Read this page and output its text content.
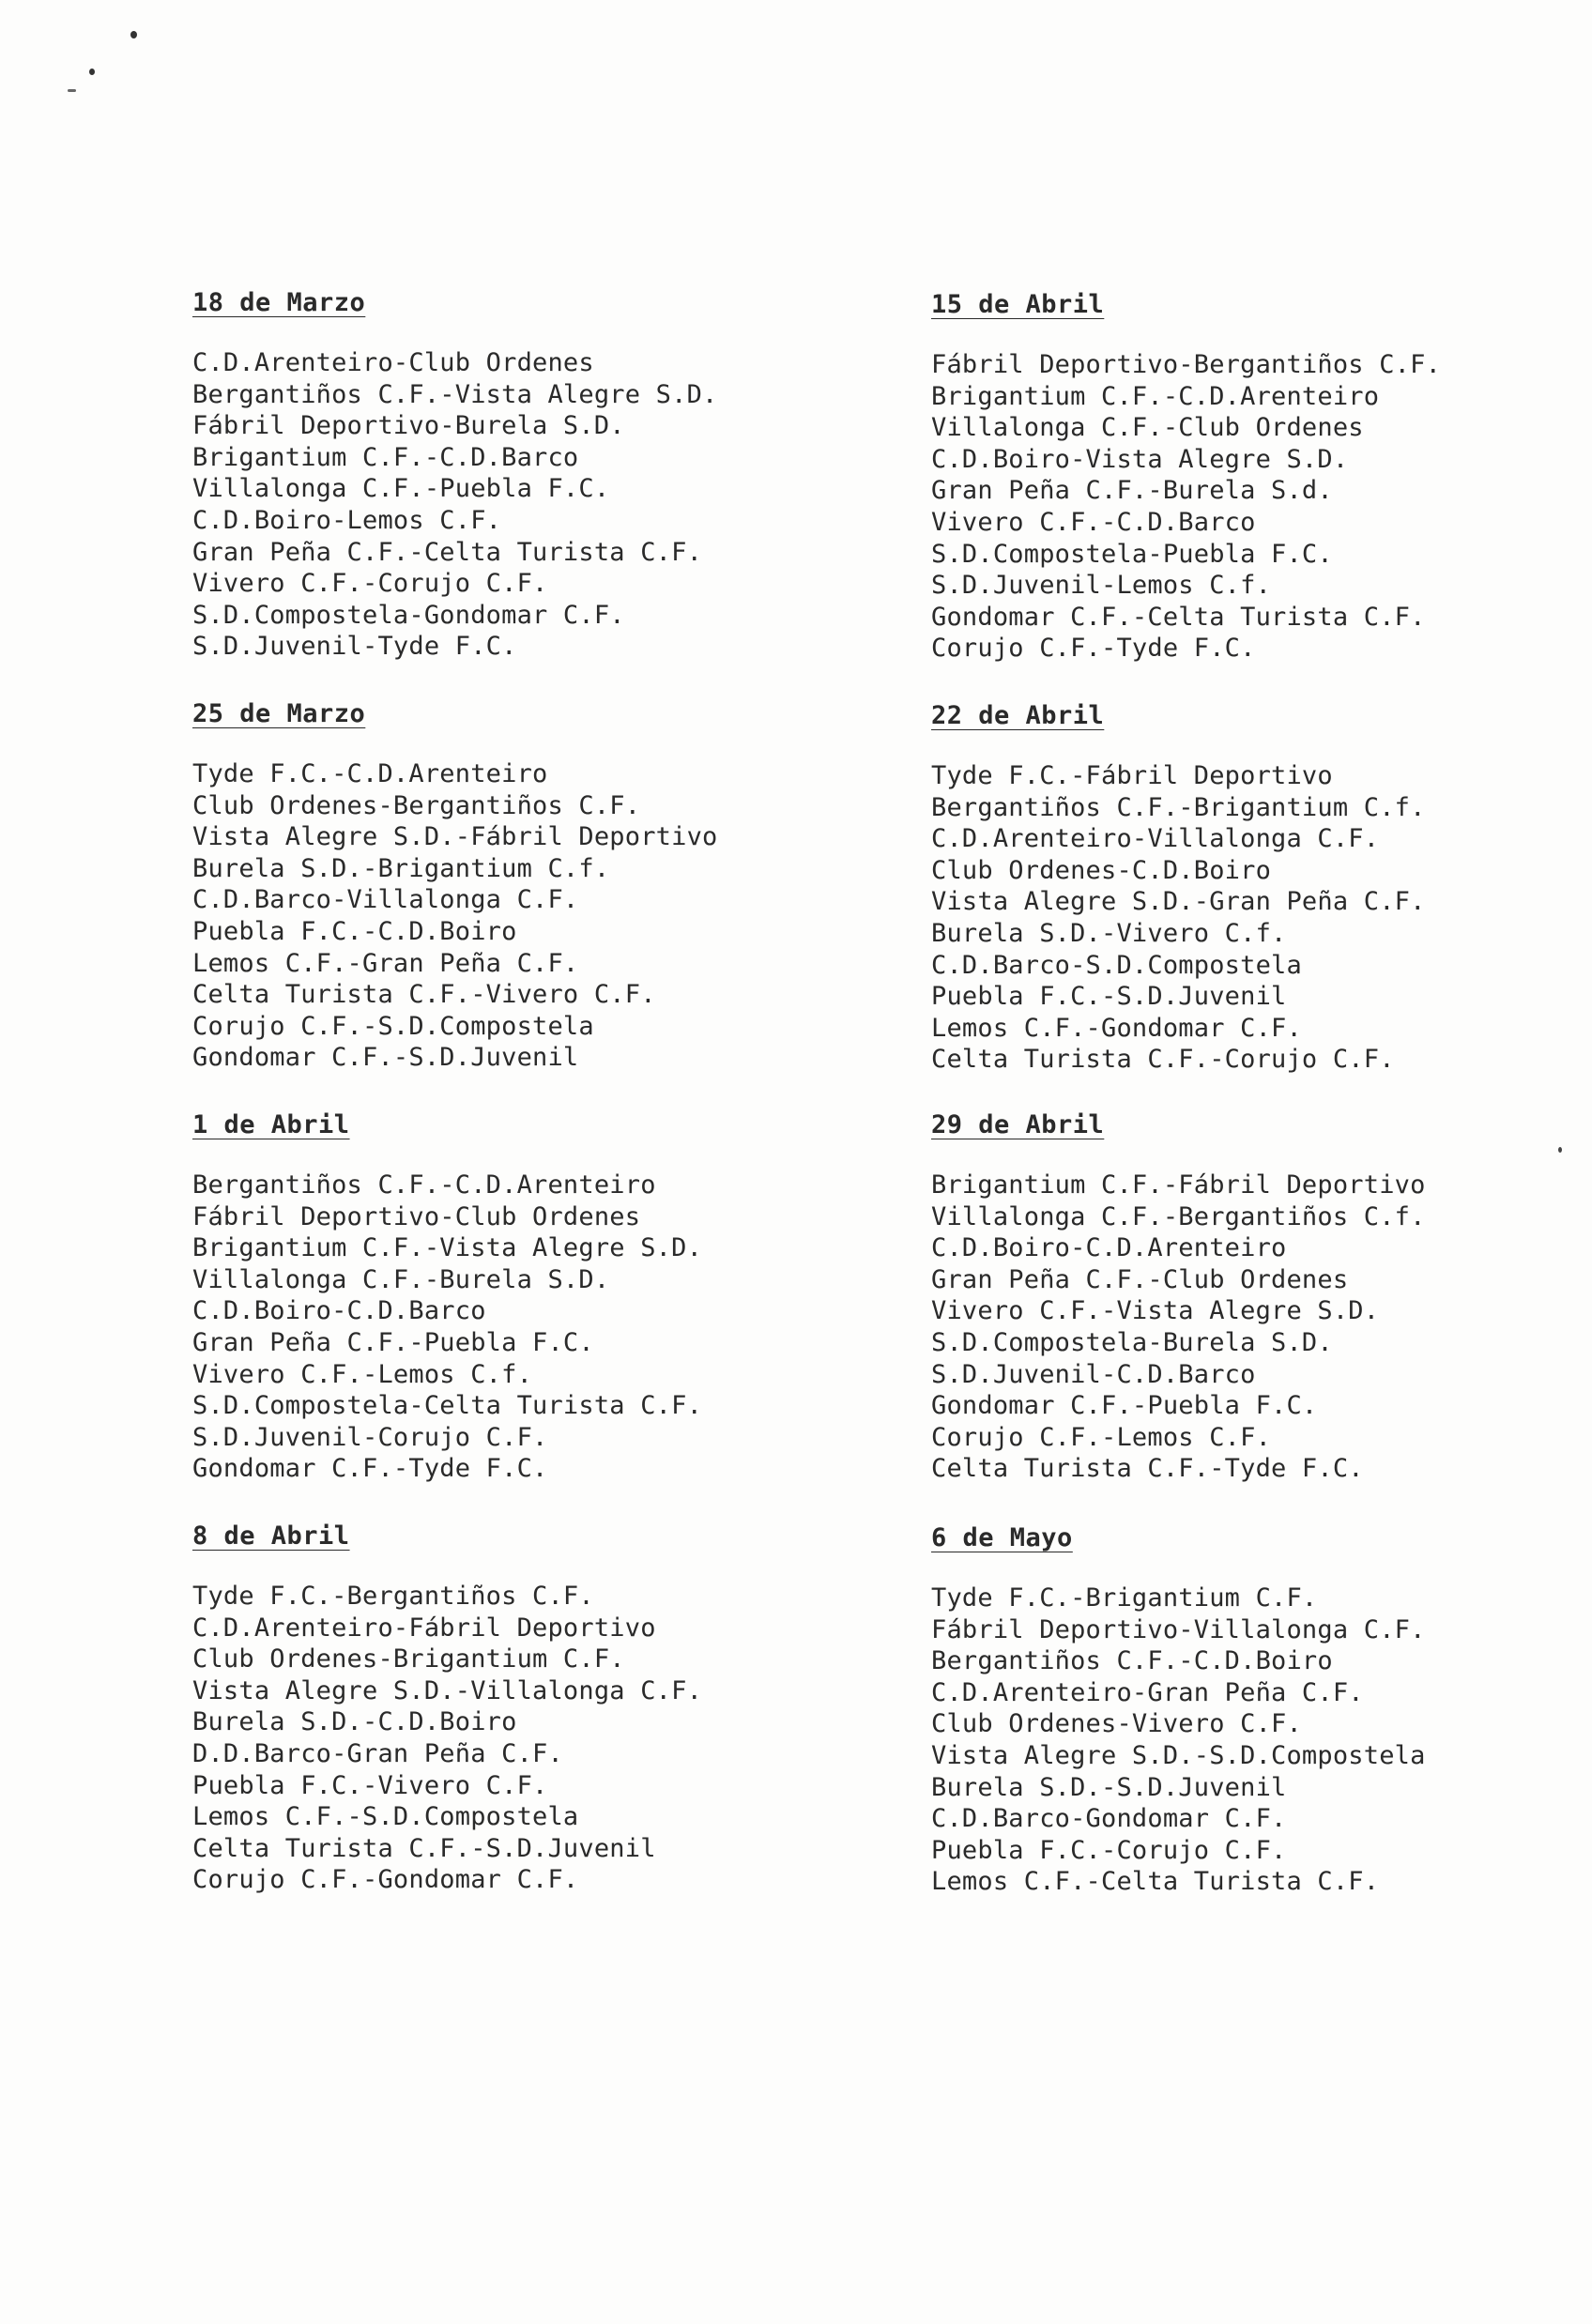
18 de Marzo
C.D.Arenteiro-Club Ordenes
Bergantiños C.F.-Vista Alegre S.D.
Fábril Deportivo-Burela S.D.
Brigantium C.F.-C.D.Barco
Villalonga C.F.-Puebla F.C.
C.D.Boiro-Lemos C.F.
Gran Peña C.F.-Celta Turista C.F.
Vivero C.F.-Corujo C.F.
S.D.Compostela-Gondomar C.F.
S.D.Juvenil-Tyde F.C.
25 de Marzo
Tyde F.C.-C.D.Arenteiro
Club Ordenes-Bergantiños C.F.
Vista Alegre S.D.-Fábril Deportivo
Burela S.D.-Brigantium C.f.
C.D.Barco-Villalonga C.F.
Puebla F.C.-C.D.Boiro
Lemos C.F.-Gran Peña C.F.
Celta Turista C.F.-Vivero C.F.
Corujo C.F.-S.D.Compostela
Gondomar C.F.-S.D.Juvenil
1 de Abril
Bergantiños C.F.-C.D.Arenteiro
Fábril Deportivo-Club Ordenes
Brigantium C.F.-Vista Alegre S.D.
Villalonga C.F.-Burela S.D.
C.D.Boiro-C.D.Barco
Gran Peña C.F.-Puebla F.C.
Vivero C.F.-Lemos C.f.
S.D.Compostela-Celta Turista C.F.
S.D.Juvenil-Corujo C.F.
Gondomar C.F.-Tyde F.C.
8 de Abril
Tyde F.C.-Bergantiños C.F.
C.D.Arenteiro-Fábril Deportivo
Club Ordenes-Brigantium C.F.
Vista Alegre S.D.-Villalonga C.F.
Burela S.D.-C.D.Boiro
D.D.Barco-Gran Peña C.F.
Puebla F.C.-Vivero C.F.
Lemos C.F.-S.D.Compostela
Celta Turista C.F.-S.D.Juvenil
Corujo C.F.-Gondomar C.F.
15 de Abril
Fábril Deportivo-Bergantiños C.F.
Brigantium C.F.-C.D.Arenteiro
Villalonga C.F.-Club Ordenes
C.D.Boiro-Vista Alegre S.D.
Gran Peña C.F.-Burela S.d.
Vivero C.F.-C.D.Barco
S.D.Compostela-Puebla F.C.
S.D.Juvenil-Lemos C.f.
Gondomar C.F.-Celta Turista C.F.
Corujo C.F.-Tyde F.C.
22 de Abril
Tyde F.C.-Fábril Deportivo
Bergantiños C.F.-Brigantium C.f.
C.D.Arenteiro-Villalonga C.F.
Club Ordenes-C.D.Boiro
Vista Alegre S.D.-Gran Peña C.F.
Burela S.D.-Vivero C.f.
C.D.Barco-S.D.Compostela
Puebla F.C.-S.D.Juvenil
Lemos C.F.-Gondomar C.F.
Celta Turista C.F.-Corujo C.F.
29 de Abril
Brigantium C.F.-Fábril Deportivo
Villalonga C.F.-Bergantiños C.f.
C.D.Boiro-C.D.Arenteiro
Gran Peña C.F.-Club Ordenes
Vivero C.F.-Vista Alegre S.D.
S.D.Compostela-Burela S.D.
S.D.Juvenil-C.D.Barco
Gondomar C.F.-Puebla F.C.
Corujo C.F.-Lemos C.F.
Celta Turista C.F.-Tyde F.C.
6 de Mayo
Tyde F.C.-Brigantium C.F.
Fábril Deportivo-Villalonga C.F.
Bergantiños C.F.-C.D.Boiro
C.D.Arenteiro-Gran Peña C.F.
Club Ordenes-Vivero C.F.
Vista Alegre S.D.-S.D.Compostela
Burela S.D.-S.D.Juvenil
C.D.Barco-Gondomar C.F.
Puebla F.C.-Corujo C.F.
Lemos C.F.-Celta Turista C.F.
